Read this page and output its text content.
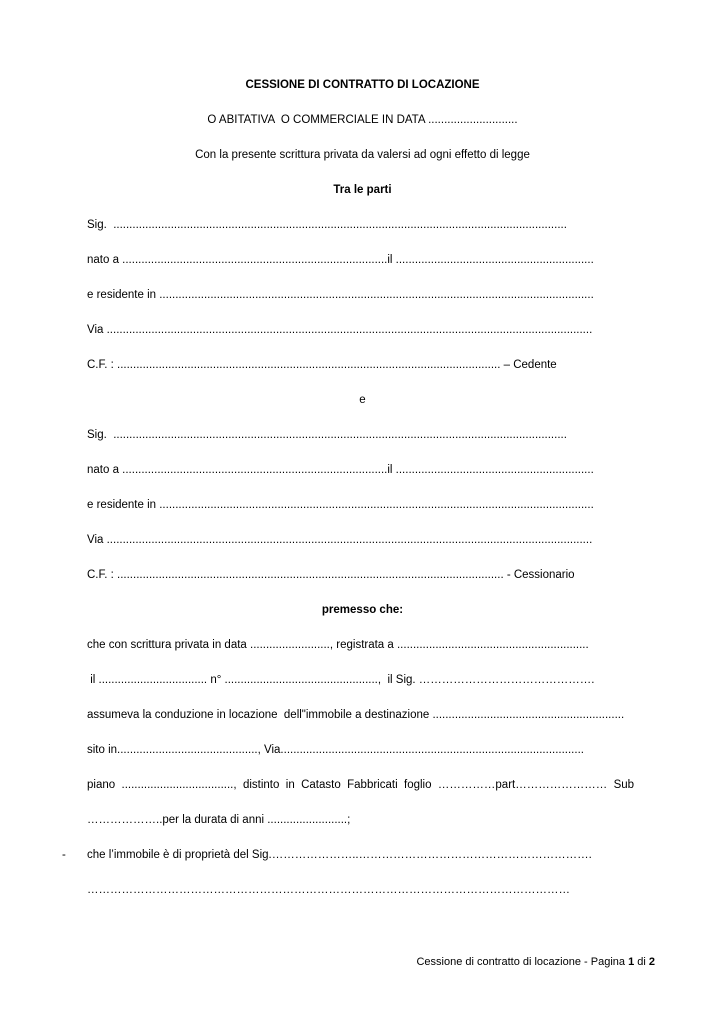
CESSIONE DI CONTRATTO DI LOCAZIONE
O ABITATIVA  O COMMERCIALE IN DATA ............................
Con la presente scrittura privata da valersi ad ogni effetto di legge
Tra le parti
Sig.  ..............................................................................................................................................
nato a ...................................................................................il ..............................................................
e residente in ........................................................................................................................................
Via ........................................................................................................................................................
C.F. : ........................................................................................................................ – Cedente
e
Sig.  ..............................................................................................................................................
nato a ...................................................................................il ..............................................................
e residente in ........................................................................................................................................
Via ........................................................................................................................................................
C.F. : ......................................................................................................................... - Cessionario
premesso che:
che con scrittura privata in data ........................., registrata a ............................................................
il .................................. n° ................................................,  il Sig. ……………………………………….
assumeva la conduzione in locazione  dell"immobile a destinazione ............................................................
sito in............................................, Via...............................................................................................
piano  ...................................,  distinto  in  Catasto  Fabbricati  foglio  ……………part……………………  Sub
………………..per la durata di anni .........................;
- che l’immobile è di proprietà del Sig.…………………..…………………………………………………….
………………………………………………………………………………………………………………
Cessione di contratto di locazione - Pagina 1 di 2
